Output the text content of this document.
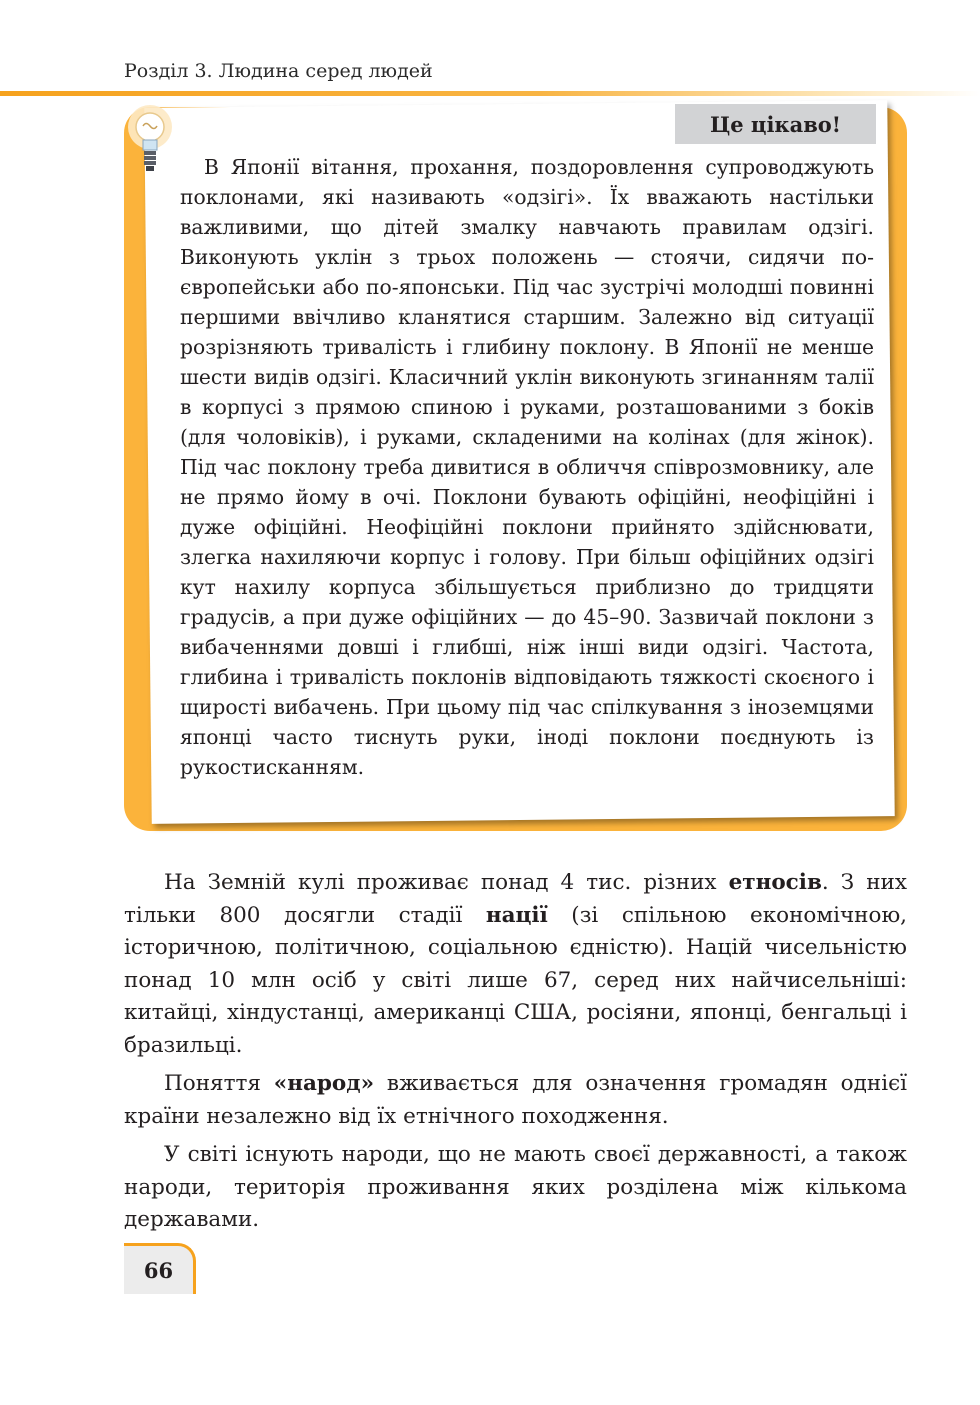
Розділ 3. Людина серед людей
Це цікаво!

В Японії вітання, прохання, поздоровлення супроводжують поклонами, які називають «одзігі». Їх вважають настільки важливими, що дітей змалку навчають правилам одзігі. Виконують уклін з трьох положень — стоячи, сидячи по-європейськи або по-японськи. Під час зустрічі молодші повинні першими ввічливо кланятися старшим. Залежно від ситуації розрізняють тривалість і глибину поклону. В Японії не менше шести видів одзігі. Класичний уклін виконують згинанням талії в корпусі з прямою спиною і руками, розташованими з боків (для чоловіків), і руками, складеними на колінах (для жінок). Під час поклону треба дивитися в обличчя співрозмовнику, але не прямо йому в очі. Поклони бувають офіційні, неофіційні і дуже офіційні. Неофіційні поклони прийнято здійснювати, злегка нахиляючи корпус і голову. При більш офіційних одзігі кут нахилу корпуса збільшується приблизно до тридцяти градусів, а при дуже офіційних — до 45–90. Зазвичай поклони з вибаченнями довші і глибші, ніж інші види одзігі. Частота, глибина і тривалість поклонів відповідають тяжкості скоєного і щирості вибачень. При цьому під час спілкування з іноземцями японці часто тиснуть руки, іноді поклони поєднують із рукостисканням.

На Земній кулі проживає понад 4 тис. різних етносів. З них тільки 800 досягли стадії нації (зі спільною економічною, історичною, політичною, соціальною єдністю). Націй чисельністю понад 10 млн осіб у світі лише 67, серед них найчисельніші: китайці, хіндустанці, американці США, росіяни, японці, бенгальці і бразильці.

Поняття «народ» вживається для означення громадян однієї країни незалежно від їх етнічного походження.

У світі існують народи, що не мають своєї державності, а також народи, територія проживання яких розділена між кількома державами.

66
